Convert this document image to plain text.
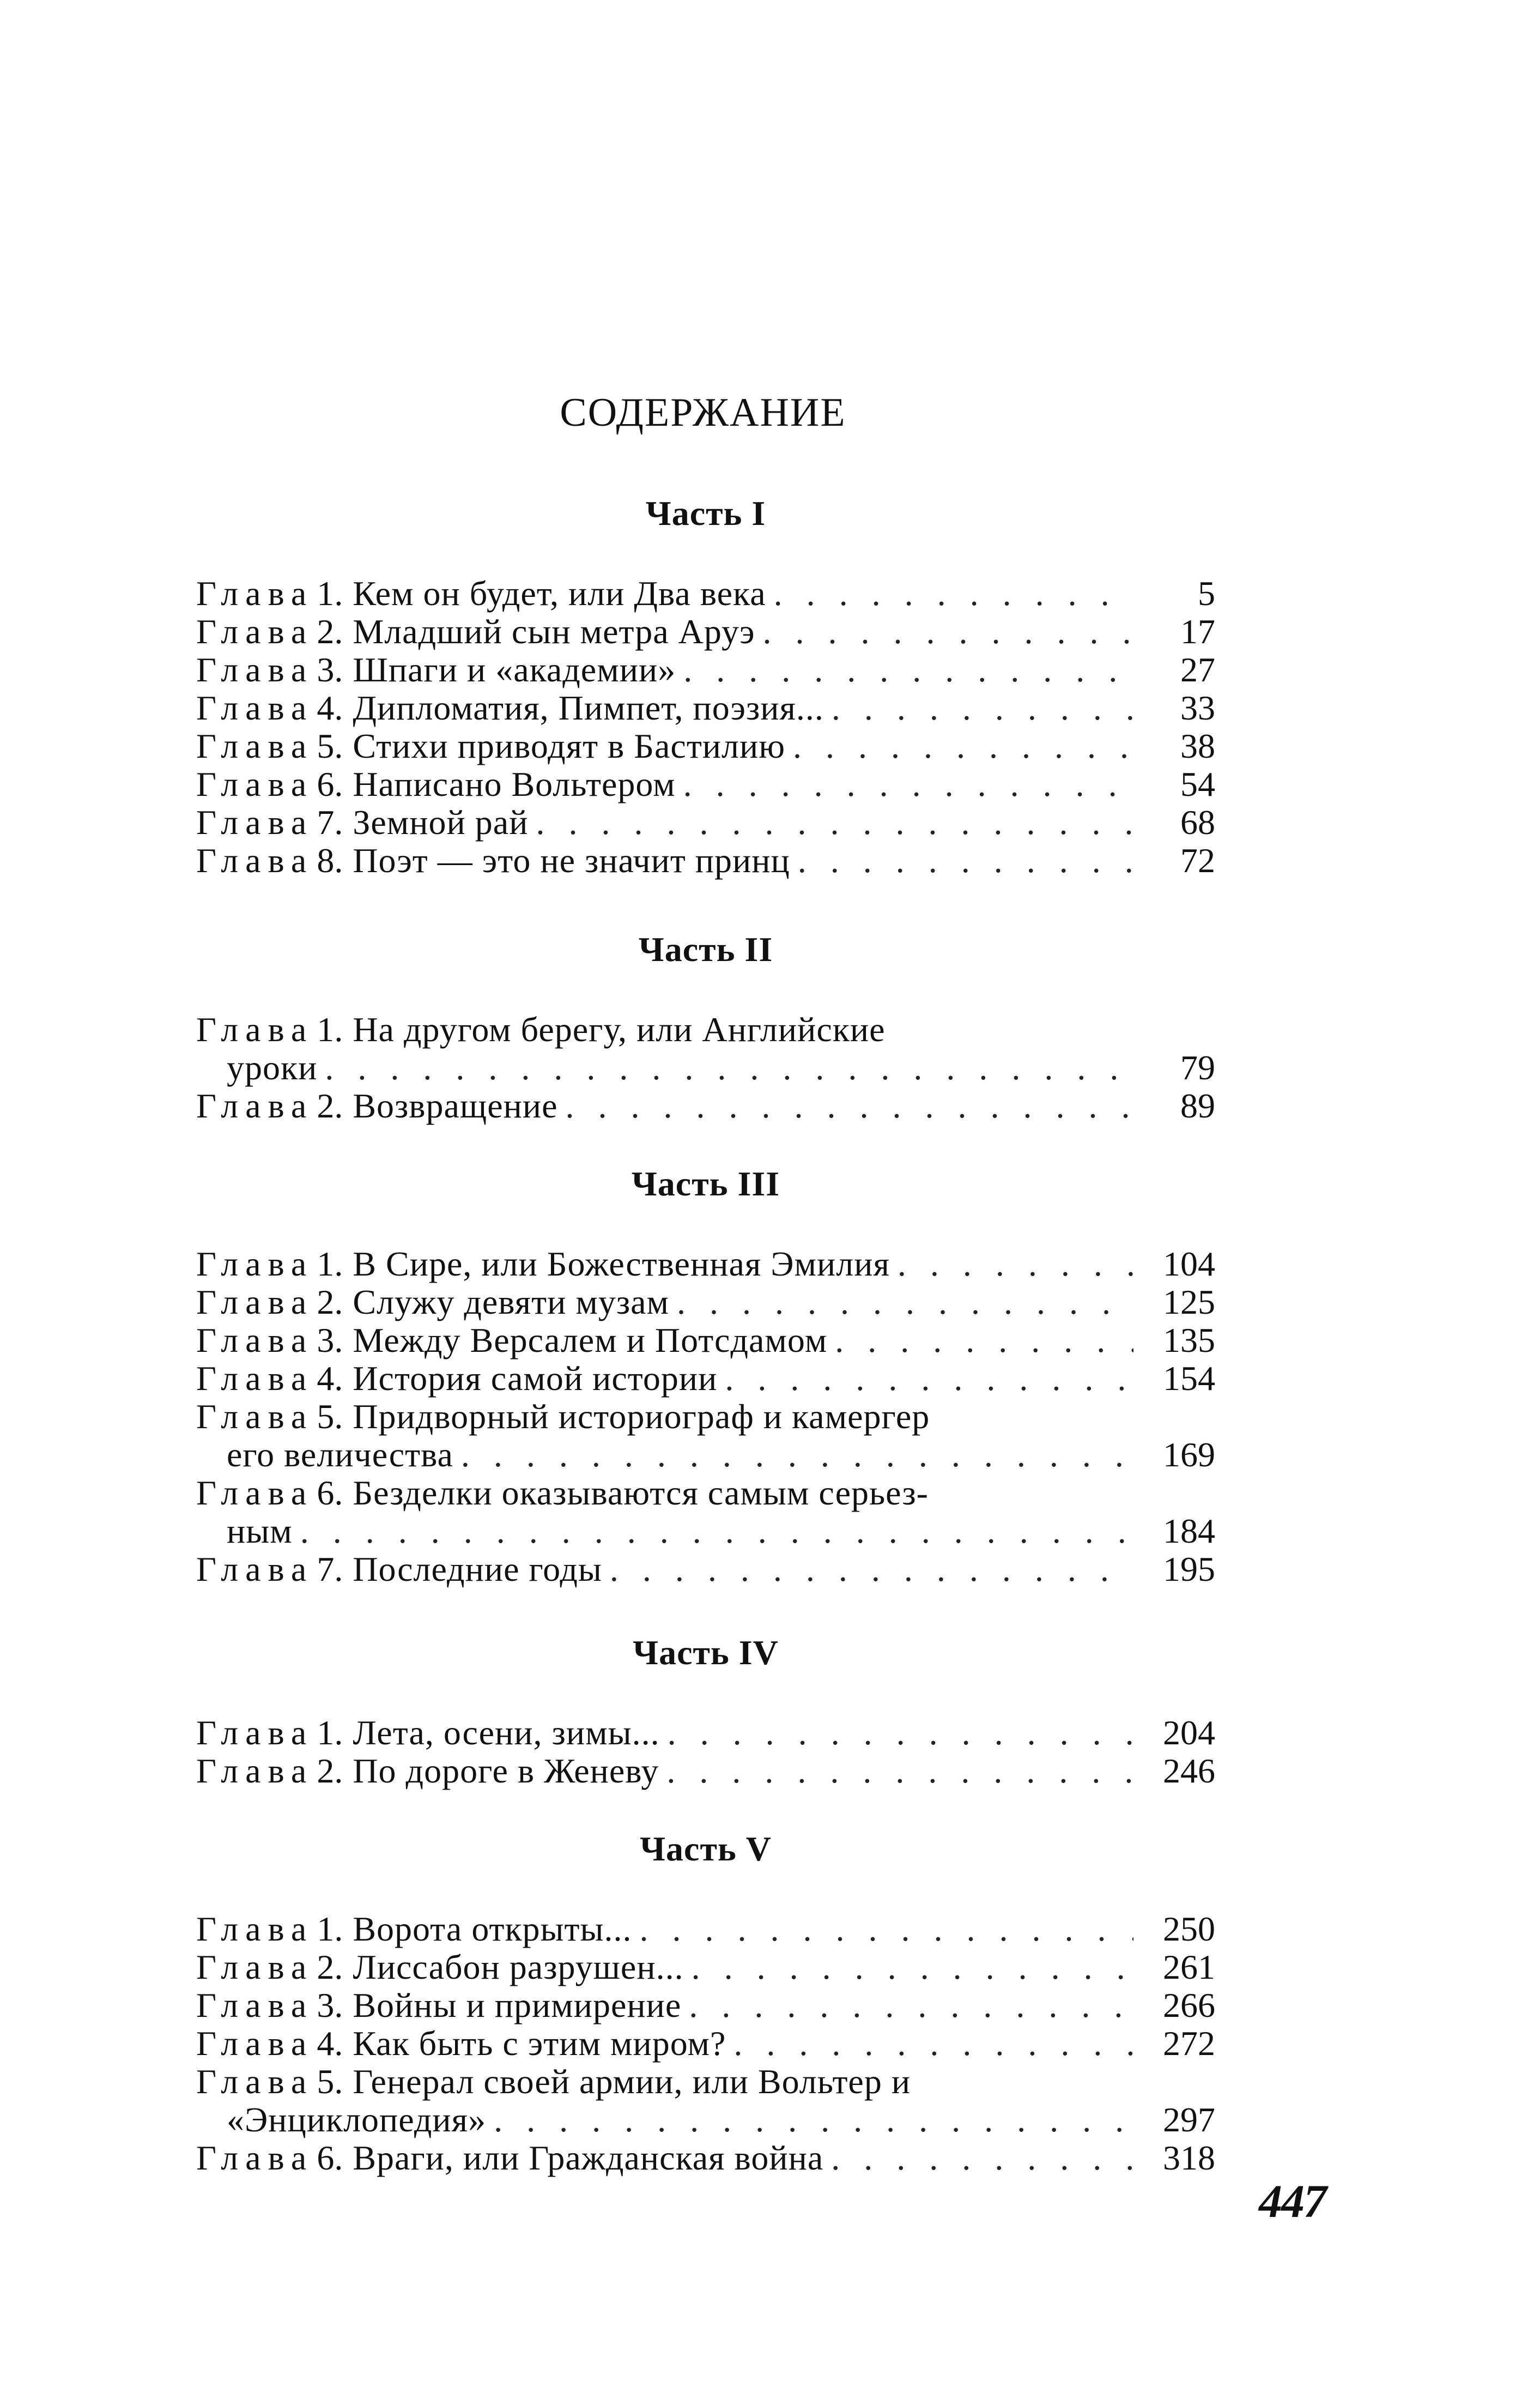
СОДЕРЖАНИЕ
Часть I
Глава 1. Кем он будет, или Два века . . .	5
Глава 2. Младший сын метра Аруэ . . .	17
Глава 3. Шпаги и «академии» . . .	27
Глава 4. Дипломатия, Пимпет, поэзия... . . .	33
Глава 5. Стихи приводят в Бастилию . . .	38
Глава 6. Написано Вольтером . . .	54
Глава 7. Земной рай . . .	68
Глава 8. Поэт — это не значит принц . . .	72
Часть II
Глава 1. На другом берегу, или Английские
уроки . . .	79
Глава 2. Возвращение . . .	89
Часть III
Глава 1. В Сире, или Божественная Эмилия . . .	104
Глава 2. Служу девяти музам . . .	125
Глава 3. Между Версалем и Потсдамом . . .	135
Глава 4. История самой истории . . .	154
Глава 5. Придворный историограф и камергер
его величества . . .	169
Глава 6. Безделки оказываются самым серьез-
ным . . .	184
Глава 7. Последние годы . . .	195
Часть IV
Глава 1. Лета, осени, зимы... . . .	204
Глава 2. По дороге в Женеву . . .	246
Часть V
Глава 1. Ворота открыты... . . .	250
Глава 2. Лиссабон разрушен... . . .	261
Глава 3. Войны и примирение . . .	266
Глава 4. Как быть с этим миром? . . .	272
Глава 5. Генерал своей армии, или Вольтер и
«Энциклопедия» . . .	297
Глава 6. Враги, или Гражданская война . . .	318
447
